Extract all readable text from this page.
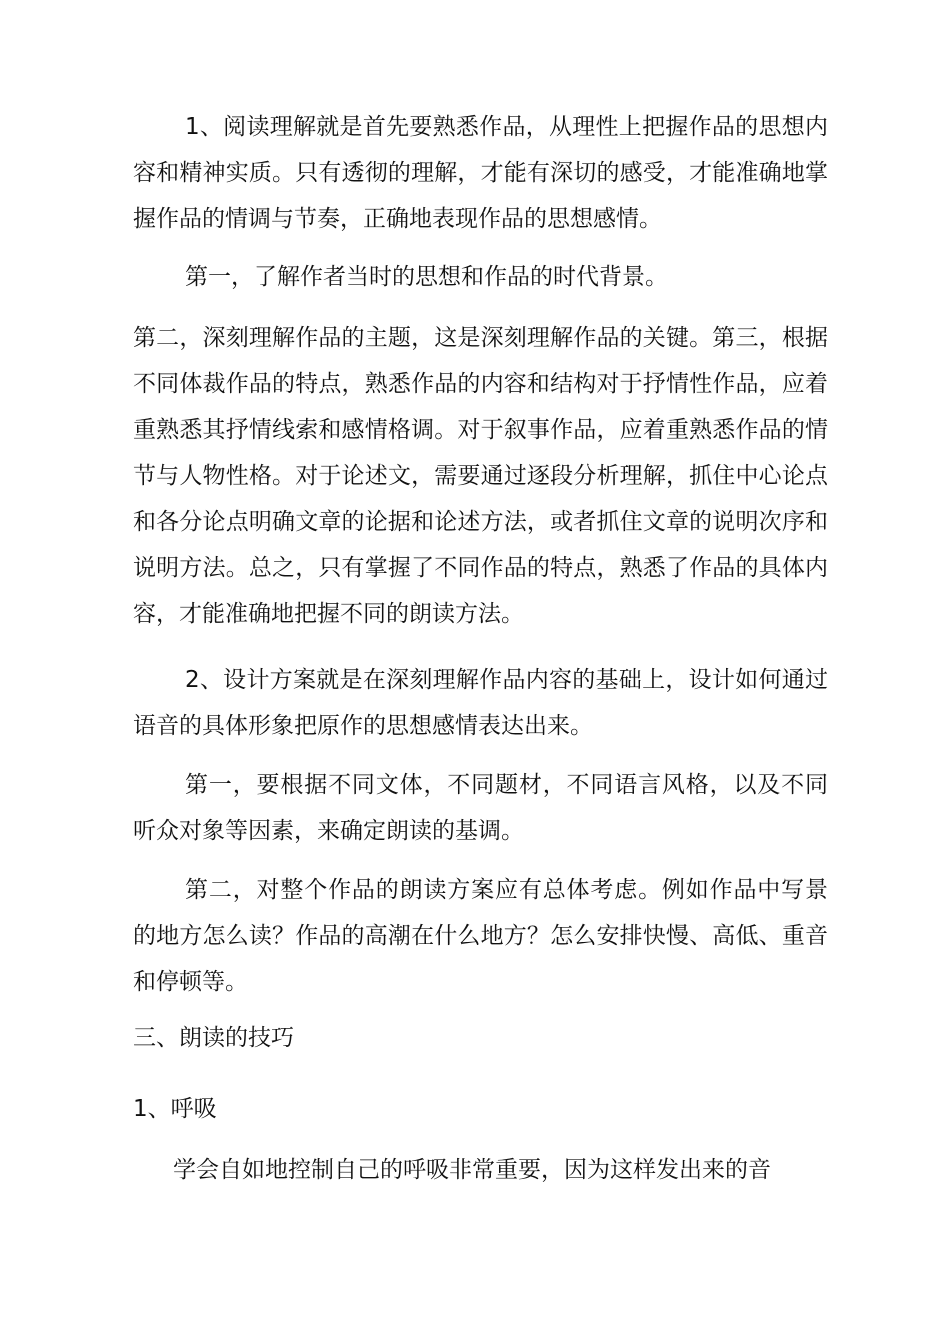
1、阅读理解就是首先要熟悉作品，从理性上把握作品的思想内容和精神实质。只有透彻的理解，才能有深切的感受，才能准确地掌握作品的情调与节奏，正确地表现作品的思想感情。

第一，了解作者当时的思想和作品的时代背景。

第二，深刻理解作品的主题，这是深刻理解作品的关键。第三，根据不同体裁作品的特点，熟悉作品的内容和结构对于抒情性作品，应着重熟悉其抒情线索和感情格调。对于叙事作品，应着重熟悉作品的情节与人物性格。对于论述文，需要通过逐段分析理解，抓住中心论点和各分论点明确文章的论据和论述方法，或者抓住文章的说明次序和说明方法。总之，只有掌握了不同作品的特点，熟悉了作品的具体内容，才能准确地把握不同的朗读方法。

2、设计方案就是在深刻理解作品内容的基础上，设计如何通过语音的具体形象把原作的思想感情表达出来。

第一，要根据不同文体，不同题材，不同语言风格，以及不同听众对象等因素，来确定朗读的基调。

第二，对整个作品的朗读方案应有总体考虑。例如作品中写景的地方怎么读？作品的高潮在什么地方？怎么安排快慢、高低、重音和停顿等。

三、朗读的技巧

1、呼吸

学会自如地控制自己的呼吸非常重要，因为这样发出来的音
